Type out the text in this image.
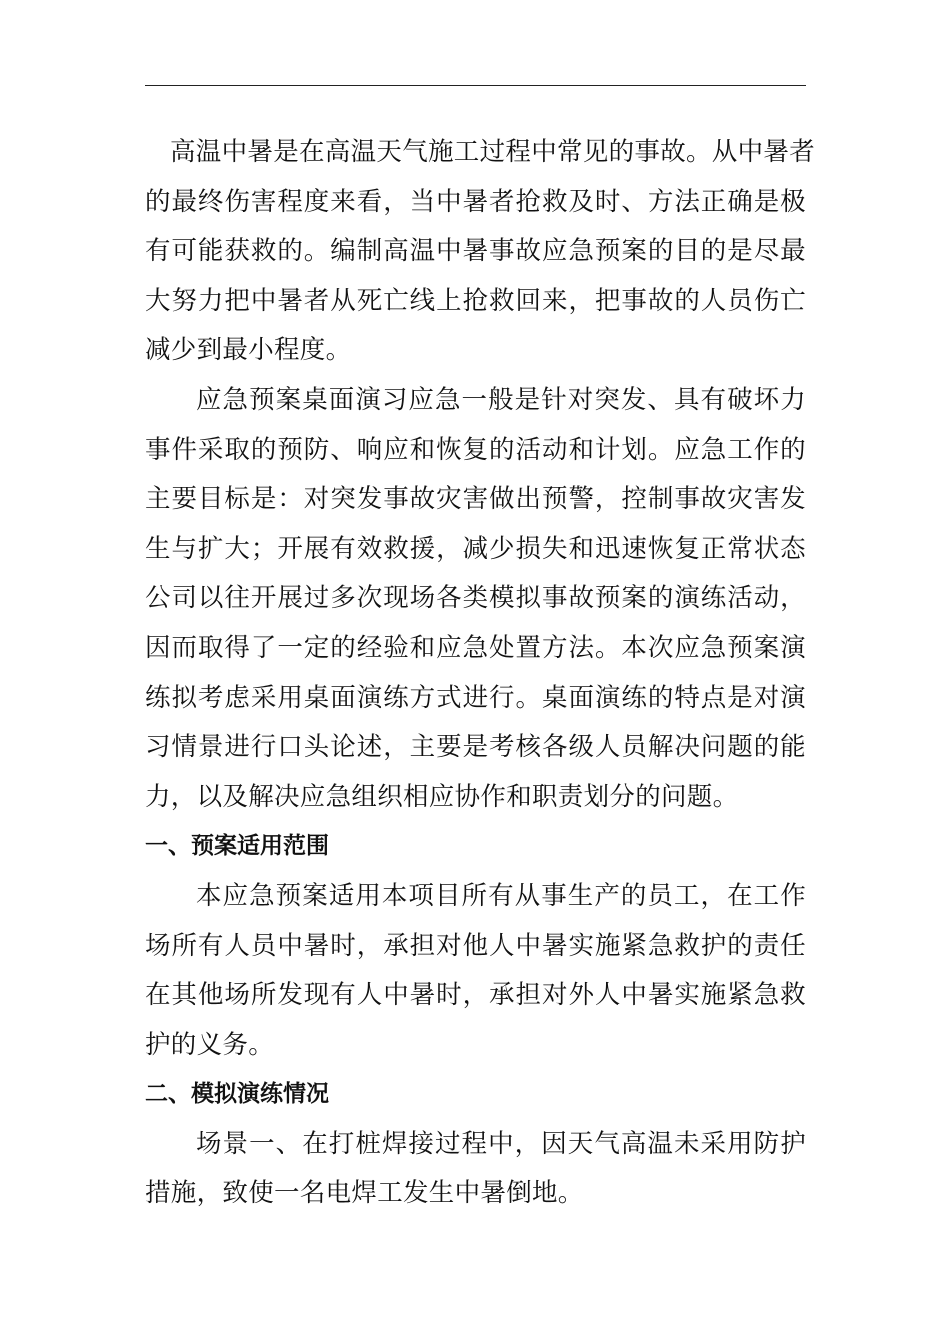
高温中暑是在高温天气施工过程中常见的事故。从中暑者
的最终伤害程度来看，当中暑者抢救及时、方法正确是极
有可能获救的。编制高温中暑事故应急预案的目的是尽最
大努力把中暑者从死亡线上抢救回来，把事故的人员伤亡
减少到最小程度。
应急预案桌面演习应急一般是针对突发、具有破坏力
事件采取的预防、响应和恢复的活动和计划。应急工作的
主要目标是：对突发事故灾害做出预警，控制事故灾害发
生与扩大；开展有效救援，减少损失和迅速恢复正常状态
公司以往开展过多次现场各类模拟事故预案的演练活动，
因而取得了一定的经验和应急处置方法。本次应急预案演
练拟考虑采用桌面演练方式进行。桌面演练的特点是对演
习情景进行口头论述，主要是考核各级人员解决问题的能
力，以及解决应急组织相应协作和职责划分的问题。
一、预案适用范围
本应急预案适用本项目所有从事生产的员工，在工作
场所有人员中暑时，承担对他人中暑实施紧急救护的责任
在其他场所发现有人中暑时，承担对外人中暑实施紧急救
护的义务。
二、模拟演练情况
场景一、在打桩焊接过程中，因天气高温未采用防护
措施，致使一名电焊工发生中暑倒地。
